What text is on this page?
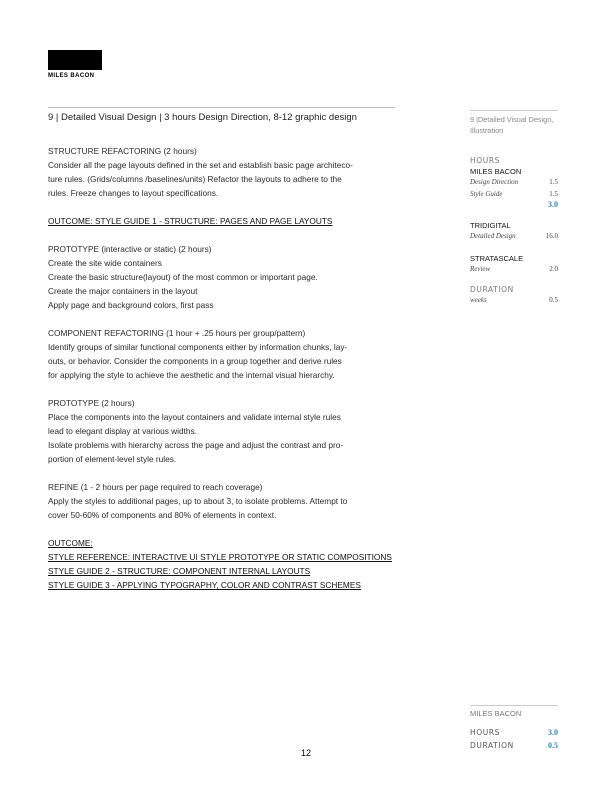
MILES BACON
9 | Detailed Visual Design | 3 hours Design Direction, 8-12 graphic design
STRUCTURE REFACTORING (2 hours)
Consider all the page layouts defined in the set and establish basic page architeco-
ture rules. (Grids/columns /baselines/units) Refactor the layouts to adhere to the
rules. Freeze changes to layout specifications.
OUTCOME: STYLE GUIDE 1 - STRUCTURE: PAGES AND PAGE LAYOUTS
PROTOTYPE (interactive or static) (2 hours)
Create the site wide containers
Create the basic structure(layout) of the most common or important page.
Create the major containers in the layout
Apply page and background colors, first pass
COMPONENT REFACTORING (1 hour + .25 hours per group/pattern)
Identify groups of similar functional components either by information chunks, lay-
outs, or behavior. Consider the components in a group together and derive rules
for applying the style to achieve the aesthetic and the internal visual hierarchy.
PROTOTYPE (2 hours)
Place the components into the layout containers and validate internal style rules
lead to elegant display at various widths.
Isolate problems with hierarchy across the page and adjust the contrast and pro-
portion of element-level style rules.
REFINE (1 - 2 hours per page required to reach coverage)
Apply the styles to additional pages, up to about 3, to isolate problems. Attempt to
cover 50-60% of components and 80% of elements in context.
OUTCOME:
STYLE REFERENCE: INTERACTIVE UI STYLE PROTOTYPE OR STATIC COMPOSITIONS
STYLE GUIDE 2 - STRUCTURE: COMPONENT INTERNAL LAYOUTS
STYLE GUIDE 3 - APPLYING TYPOGRAPHY, COLOR AND CONTRAST SCHEMES
9 |Detailed Visual Design, Illustration
HOURS
MILES BACON
Design Direction	1.5
Style Guide	1.5
3.0
TRIDIGITAL
Detailed Design	16.0
STRATASCALE
Review	2.0
DURATION
weeks	0.5
MILES BACON
HOURS	3.0
DURATION	0.5
12
